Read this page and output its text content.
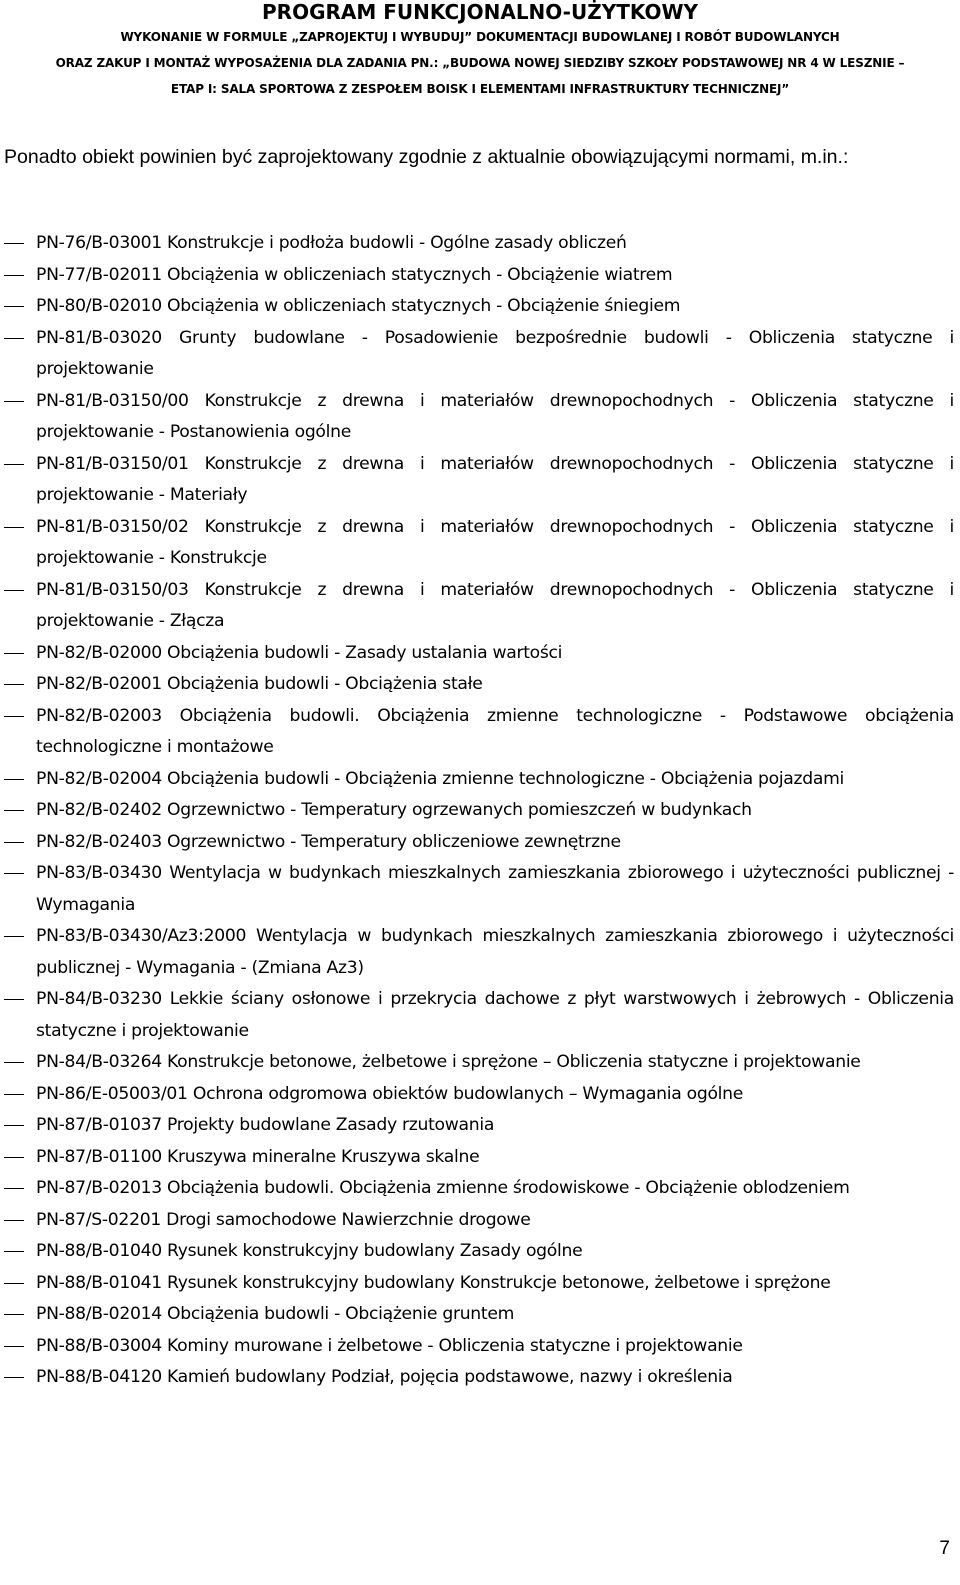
PROGRAM FUNKCJONALNO-UŻYTKOWY
WYKONANIE W FORMULE „ZAPROJEKTUJ I WYBUDUJ” DOKUMENTACJI BUDOWLANEJ I ROBÓT BUDOWLANYCH
ORAZ ZAKUP I MONTAŻ WYPOSAŻENIA DLA ZADANIA PN.: „BUDOWA NOWEJ SIEDZIBY SZKOŁY PODSTAWOWEJ NR 4 W LESZNIE –
ETAP I: SALA SPORTOWA Z ZESPOŁEM BOISK I ELEMENTAMI INFRASTRUKTURY TECHNICZNEJ”
Ponadto obiekt powinien być zaprojektowany zgodnie z aktualnie obowiązującymi normami, m.in.:
PN-76/B-03001 Konstrukcje i podłoża budowli - Ogólne zasady obliczeń
PN-77/B-02011 Obciążenia w obliczeniach statycznych - Obciążenie wiatrem
PN-80/B-02010 Obciążenia w obliczeniach statycznych - Obciążenie śniegiem
PN-81/B-03020 Grunty budowlane - Posadowienie bezpośrednie budowli - Obliczenia statyczne i projektowanie
PN-81/B-03150/00 Konstrukcje z drewna i materiałów drewnopochodnych - Obliczenia statyczne i projektowanie - Postanowienia ogólne
PN-81/B-03150/01 Konstrukcje z drewna i materiałów drewnopochodnych - Obliczenia statyczne i projektowanie - Materiały
PN-81/B-03150/02 Konstrukcje z drewna i materiałów drewnopochodnych - Obliczenia statyczne i projektowanie - Konstrukcje
PN-81/B-03150/03 Konstrukcje z drewna i materiałów drewnopochodnych - Obliczenia statyczne i projektowanie - Złącza
PN-82/B-02000 Obciążenia budowli - Zasady ustalania wartości
PN-82/B-02001 Obciążenia budowli - Obciążenia stałe
PN-82/B-02003 Obciążenia budowli. Obciążenia zmienne technologiczne - Podstawowe obciążenia technologiczne i montażowe
PN-82/B-02004 Obciążenia budowli - Obciążenia zmienne technologiczne - Obciążenia pojazdami
PN-82/B-02402 Ogrzewnictwo - Temperatury ogrzewanych pomieszczeń w budynkach
PN-82/B-02403 Ogrzewnictwo - Temperatury obliczeniowe zewnętrzne
PN-83/B-03430 Wentylacja w budynkach mieszkalnych zamieszkania zbiorowego i użyteczności publicznej - Wymagania
PN-83/B-03430/Az3:2000 Wentylacja w budynkach mieszkalnych zamieszkania zbiorowego i użyteczności publicznej - Wymagania - (Zmiana Az3)
PN-84/B-03230 Lekkie ściany osłonowe i przekrycia dachowe z płyt warstwowych i żebrowych - Obliczenia statyczne i projektowanie
PN-84/B-03264 Konstrukcje betonowe, żelbetowe i sprężone – Obliczenia statyczne i projektowanie
PN-86/E-05003/01 Ochrona odgromowa obiektów budowlanych – Wymagania ogólne
PN-87/B-01037 Projekty budowlane Zasady rzutowania
PN-87/B-01100 Kruszywa mineralne Kruszywa skalne
PN-87/B-02013 Obciążenia budowli. Obciążenia zmienne środowiskowe - Obciążenie oblodzeniem
PN-87/S-02201 Drogi samochodowe Nawierzchnie drogowe
PN-88/B-01040 Rysunek konstrukcyjny budowlany Zasady ogólne
PN-88/B-01041 Rysunek konstrukcyjny budowlany Konstrukcje betonowe, żelbetowe i sprężone
PN-88/B-02014 Obciążenia budowli - Obciążenie gruntem
PN-88/B-03004 Kominy murowane i żelbetowe - Obliczenia statyczne i projektowanie
PN-88/B-04120 Kamień budowlany Podział, pojęcia podstawowe, nazwy i określenia
7
